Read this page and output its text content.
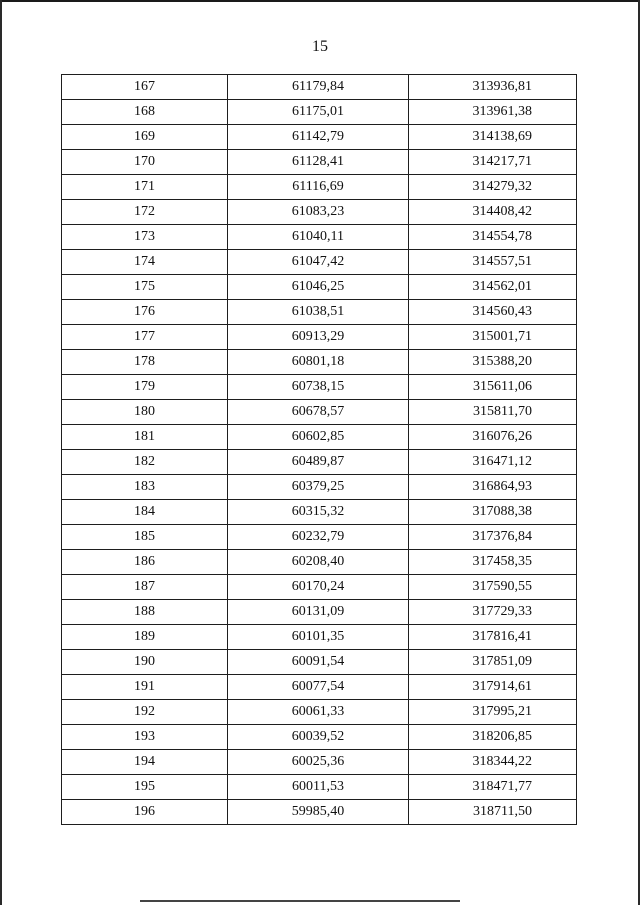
15
167	61179,84	313936,81
168	61175,01	313961,38
169	61142,79	314138,69
170	61128,41	314217,71
171	61116,69	314279,32
172	61083,23	314408,42
173	61040,11	314554,78
174	61047,42	314557,51
175	61046,25	314562,01
176	61038,51	314560,43
177	60913,29	315001,71
178	60801,18	315388,20
179	60738,15	315611,06
180	60678,57	315811,70
181	60602,85	316076,26
182	60489,87	316471,12
183	60379,25	316864,93
184	60315,32	317088,38
185	60232,79	317376,84
186	60208,40	317458,35
187	60170,24	317590,55
188	60131,09	317729,33
189	60101,35	317816,41
190	60091,54	317851,09
191	60077,54	317914,61
192	60061,33	317995,21
193	60039,52	318206,85
194	60025,36	318344,22
195	60011,53	318471,77
196	59985,40	318711,50
